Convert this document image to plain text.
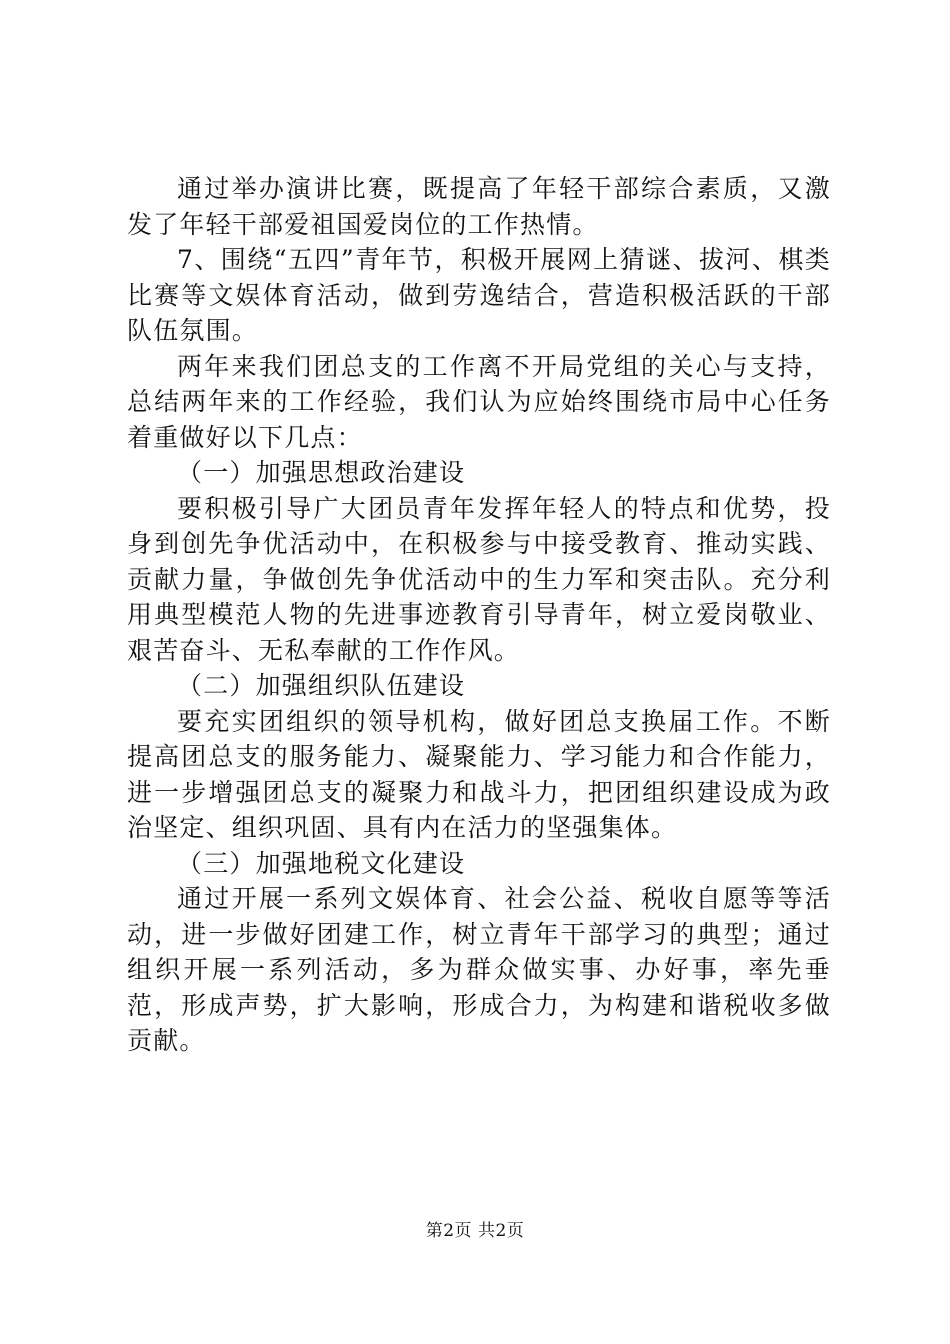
通过举办演讲比赛，既提高了年轻干部综合素质，又激发了年轻干部爱祖国爱岗位的工作热情。

7、围绕“五四”青年节，积极开展网上猜谜、拔河、棋类比赛等文娱体育活动，做到劳逸结合，营造积极活跃的干部队伍氛围。

两年来我们团总支的工作离不开局党组的关心与支持，总结两年来的工作经验，我们认为应始终围绕市局中心任务着重做好以下几点：

（一）加强思想政治建设

要积极引导广大团员青年发挥年轻人的特点和优势，投身到创先争优活动中，在积极参与中接受教育、推动实践、贡献力量，争做创先争优活动中的生力军和突击队。充分利用典型模范人物的先进事迹教育引导青年，树立爱岗敬业、艰苦奋斗、无私奉献的工作作风。

（二）加强组织队伍建设

要充实团组织的领导机构，做好团总支换届工作。不断提高团总支的服务能力、凝聚能力、学习能力和合作能力，进一步增强团总支的凝聚力和战斗力，把团组织建设成为政治坚定、组织巩固、具有内在活力的坚强集体。

（三）加强地税文化建设

通过开展一系列文娱体育、社会公益、税收自愿等等活动，进一步做好团建工作，树立青年干部学习的典型；通过组织开展一系列活动，多为群众做实事、办好事，率先垂范，形成声势，扩大影响，形成合力，为构建和谐税收多做贡献。

第2页 共2页
